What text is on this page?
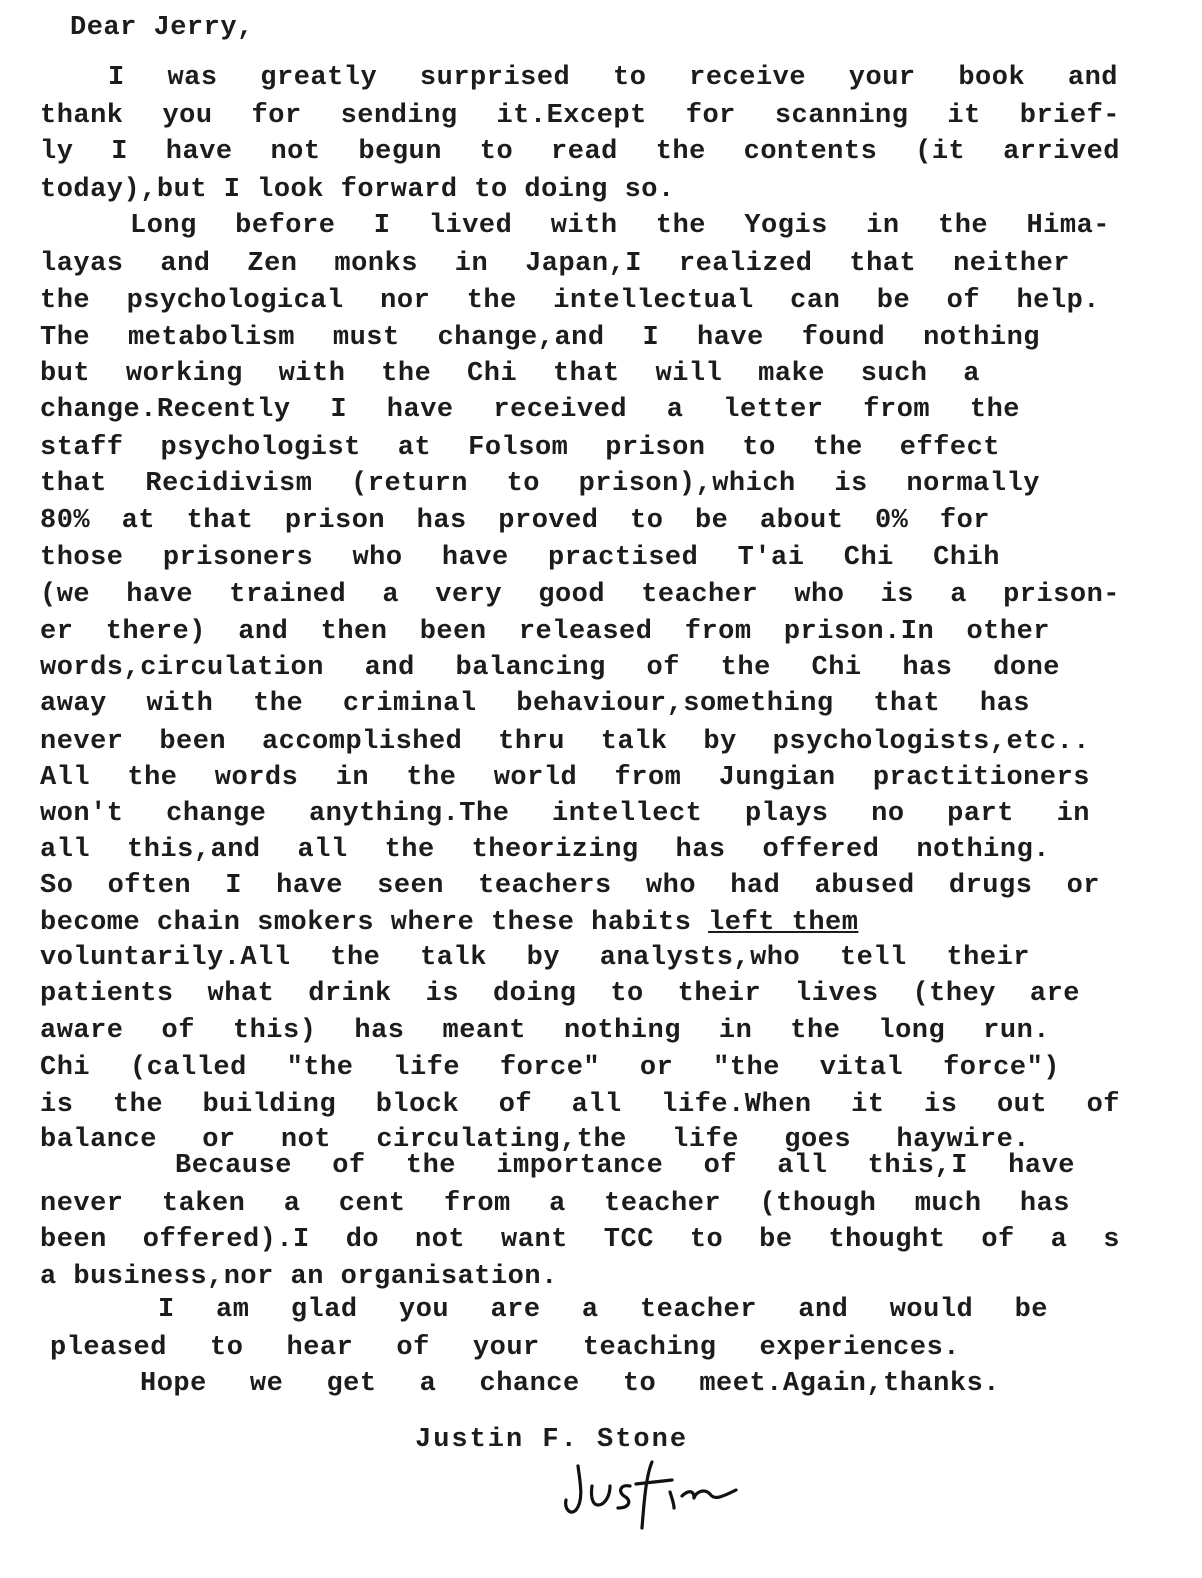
Dear Jerry,
I was greatly surprised to receive your book and
thank you for sending it.Except for scanning it brief-
ly I have not begun to read the contents (it arrived
today),but I look forward to doing so.
Long before I lived with the Yogis in the Hima-
layas and Zen monks in Japan,I realized that neither
the psychological nor the intellectual can be of help.
The metabolism must change,and I have found nothing
but working with the Chi that will make such a
change.Recently I have received a letter from the
staff psychologist at Folsom prison to the effect
that Recidivism (return to prison),which is normally
80% at that prison has proved to be about 0% for
those prisoners who have practised T'ai Chi Chih
(we have trained a very good teacher who is a prison-
er there) and then been released from prison.In other
words,circulation and balancing of the Chi has done
away with the criminal behaviour,something that has
never been accomplished thru talk by psychologists,etc..
All the words in the world from Jungian practitioners
won't change anything.The intellect plays no part in
all this,and all the theorizing has offered nothing.
So often I have seen teachers who had abused drugs or
become chain smokers where these habits left them
voluntarily.All the talk by analysts,who tell their
patients what drink is doing to their lives (they are
aware of this) has meant nothing in the long run.
Chi (called "the life force" or "the vital force")
is the building block of all life.When it is out of
balance or not circulating,the life goes haywire.
Because of the importance of all this,I have
never taken a cent from a teacher (though much has
been offered).I do not want TCC to be thought of a s
a business,nor an organisation.
I am glad you are a teacher and would be
pleased to hear of your teaching experiences.
Hope we get a chance to meet.Again,thanks.
Justin F. Stone
